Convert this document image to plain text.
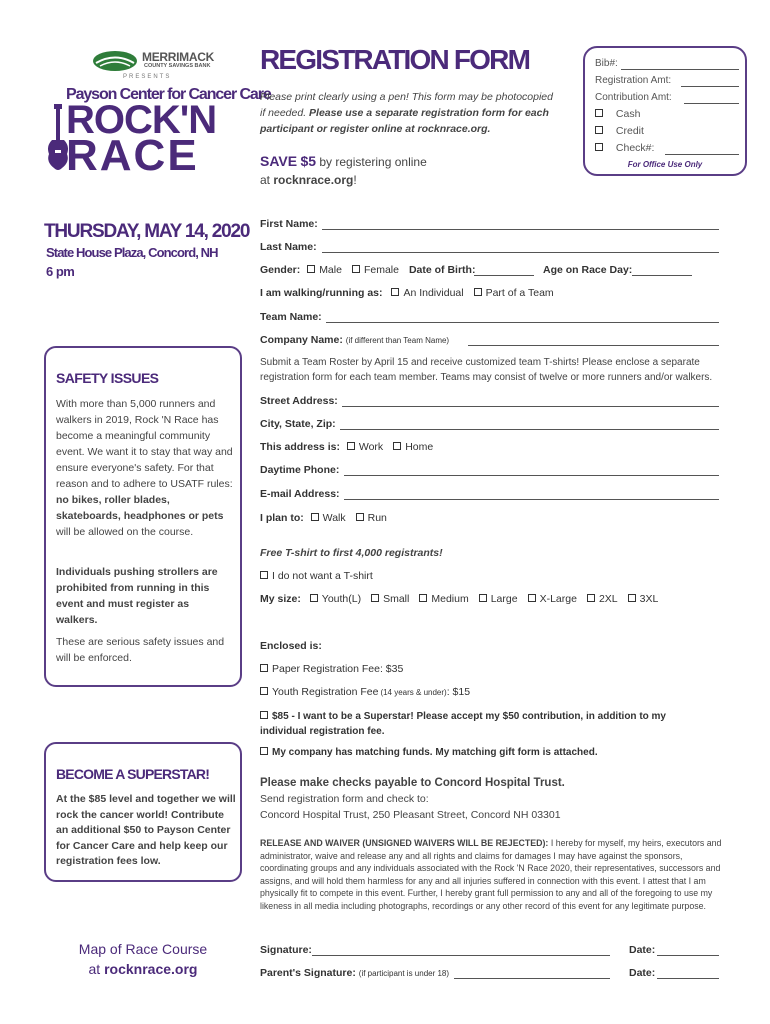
MERRIMACK
COUNTY SAVINGS BANK
PRESENTS
Payson Center for Cancer Care
ROCK'N
RACE
THURSDAY, MAY 14, 2020
State House Plaza, Concord, NH
6 pm
SAFETY ISSUES
With more than 5,000 runners and walkers in 2019, Rock 'N Race has become a meaningful community event. We want it to stay that way and ensure everyone's safety. For that reason and to adhere to USATF rules: no bikes, roller blades, skateboards, headphones or pets will be allowed on the course.
Individuals pushing strollers are prohibited from running in this event and must register as walkers.
These are serious safety issues and will be enforced.
BECOME A SUPERSTAR!
At the $85 level and together we will rock the cancer world! Contribute an additional $50 to Payson Center for Cancer Care and help keep our registration fees low.
Map of Race Course
at rocknrace.org
REGISTRATION FORM
Please print clearly using a pen! This form may be photocopied if needed. Please use a separate registration form for each participant or register online at rocknrace.org.
SAVE $5 by registering online
at rocknrace.org!
Bib#:
Registration Amt:
Contribution Amt:
Cash
Credit
Check#:
For Office Use Only
First Name:
Last Name:
Gender: Male Female Date of Birth:	Age on Race Day:
I am walking/running as: An Individual Part of a Team
Team Name:
Company Name: (if different than Team Name)
Submit a Team Roster by April 15 and receive customized team T-shirts! Please enclose a separate registration form for each team member. Teams may consist of twelve or more runners and/or walkers.
Street Address:
City, State, Zip:
This address is: Work Home
Daytime Phone:
E-mail Address:
I plan to: Walk Run
Free T-shirt to first 4,000 registrants!
I do not want a T-shirt
My size: Youth(L) Small Medium Large X-Large 2XL 3XL
Enclosed is:
Paper Registration Fee: $35
Youth Registration Fee (14 years & under): $15
$85 - I want to be a Superstar! Please accept my $50 contribution, in addition to my individual registration fee.
My company has matching funds. My matching gift form is attached.
Please make checks payable to Concord Hospital Trust.
Send registration form and check to:
Concord Hospital Trust, 250 Pleasant Street, Concord NH 03301
RELEASE AND WAIVER (UNSIGNED WAIVERS WILL BE REJECTED): I hereby for myself, my heirs, executors and administrator, waive and release any and all rights and claims for damages I may have against the sponsors, coordinating groups and any individuals associated with the Rock 'N Race 2020, their representatives, successors and assigns, and will hold them harmless for any and all injuries suffered in connection with this event. I attest that I am physically fit to compete in this event. Further, I hereby grant full permission to any and all of the foregoing to use my likeness in all media including photographs, recordings or any other record of this event for any legitimate purpose.
Signature:	Date:
Parent's Signature: (if participant is under 18)	Date:
